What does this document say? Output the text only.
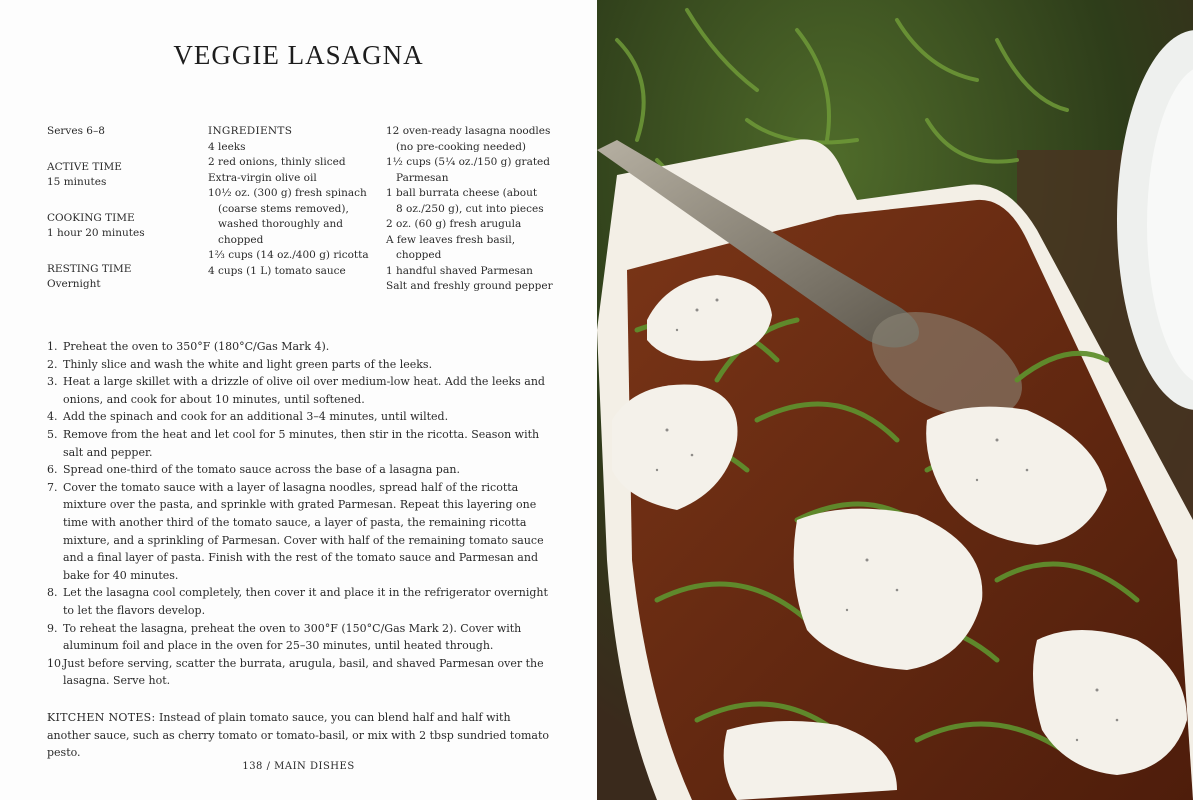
VEGGIE LASAGNA
Serves 6–8
ACTIVE TIME
15 minutes
COOKING TIME
1 hour 20 minutes
RESTING TIME
Overnight
INGREDIENTS
4 leeks
2 red onions, thinly sliced
Extra-virgin olive oil
10½ oz. (300 g) fresh spinach
(coarse stems removed),
washed thoroughly and
chopped
1⅔ cups (14 oz./400 g) ricotta
4 cups (1 L) tomato sauce
12 oven-ready lasagna noodles
(no pre-cooking needed)
1½ cups (5¼ oz./150 g) grated
Parmesan
1 ball burrata cheese (about
8 oz./250 g), cut into pieces
2 oz. (60 g) fresh arugula
A few leaves fresh basil,
chopped
1 handful shaved Parmesan
Salt and freshly ground pepper
1. Preheat the oven to 350°F (180°C/Gas Mark 4).
2. Thinly slice and wash the white and light green parts of the leeks.
3. Heat a large skillet with a drizzle of olive oil over medium-low heat. Add the leeks and onions, and cook for about 10 minutes, until softened.
4. Add the spinach and cook for an additional 3–4 minutes, until wilted.
5. Remove from the heat and let cool for 5 minutes, then stir in the ricotta. Season with salt and pepper.
6. Spread one-third of the tomato sauce across the base of a lasagna pan.
7. Cover the tomato sauce with a layer of lasagna noodles, spread half of the ricotta mixture over the pasta, and sprinkle with grated Parmesan. Repeat this layering one time with another third of the tomato sauce, a layer of pasta, the remaining ricotta mixture, and a sprinkling of Parmesan. Cover with half of the remaining tomato sauce and a final layer of pasta. Finish with the rest of the tomato sauce and Parmesan and bake for 40 minutes.
8. Let the lasagna cool completely, then cover it and place it in the refrigerator overnight to let the flavors develop.
9. To reheat the lasagna, preheat the oven to 300°F (150°C/Gas Mark 2). Cover with aluminum foil and place in the oven for 25–30 minutes, until heated through.
10.
Just before serving, scatter the burrata, arugula, basil, and shaved Parmesan over the lasagna. Serve hot.
KITCHEN NOTES: Instead of plain tomato sauce, you can blend half and half with another sauce, such as cherry tomato or tomato-basil, or mix with 2 tbsp sundried tomato pesto.
138 / MAIN DISHES
